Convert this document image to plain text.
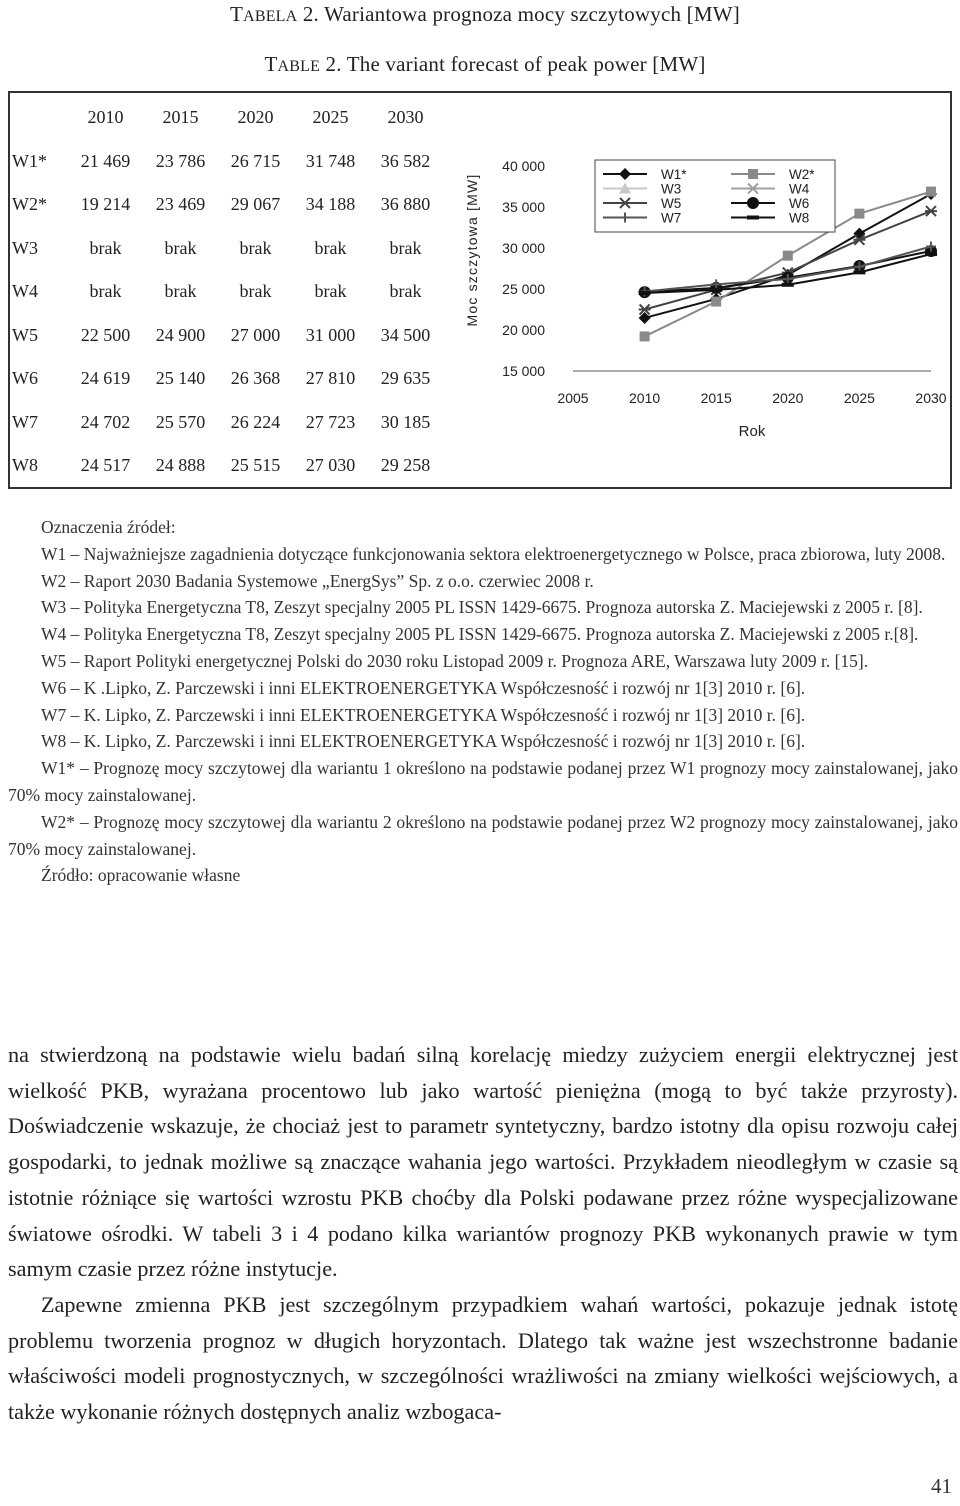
TABELA 2. Wariantowa prognoza mocy szczytowych [MW]
TABLE 2. The variant forecast of peak power [MW]
	2010	2015	2020	2025	2030
W1*	21 469	23 786	26 715	31 748	36 582
W2*	19 214	23 469	29 067	34 188	36 880
W3	brak	brak	brak	brak	brak
W4	brak	brak	brak	brak	brak
W5	22 500	24 900	27 000	31 000	34 500
W6	24 619	25 140	26 368	27 810	29 635
W7	24 702	25 570	26 224	27 723	30 185
W8	24 517	24 888	25 515	27 030	29 258
Moc szczytowa [MW]
15 000
20 000
25 000
30 000
35 000
40 000
2005	2010	2015	2020	2025	2030
Rok
W1*	W2*
W3	W4
W5	W6
W7	W8

Oznaczenia źródeł:

W1 – Najważniejsze zagadnienia dotyczące funkcjonowania sektora elektroenergetycznego w Polsce, praca zbiorowa, luty 2008.

W2 – Raport 2030 Badania Systemowe „EnergSys” Sp. z o.o. czerwiec 2008 r.

W3 – Polityka Energetyczna T8, Zeszyt specjalny 2005 PL ISSN 1429-6675. Prognoza autorska Z. Maciejewski z 2005 r. [8].

W4 – Polityka Energetyczna T8, Zeszyt specjalny 2005 PL ISSN 1429-6675. Prognoza autorska Z. Maciejewski z 2005 r.[8].

W5 – Raport Polityki energetycznej Polski do 2030 roku Listopad 2009 r. Prognoza ARE, Warszawa luty 2009 r. [15].

W6 – K .Lipko, Z. Parczewski i inni ELEKTROENERGETYKA Współczesność i rozwój nr 1[3] 2010 r. [6].

W7 – K. Lipko, Z. Parczewski i inni ELEKTROENERGETYKA Współczesność i rozwój nr 1[3] 2010 r. [6].

W8 – K. Lipko, Z. Parczewski i inni ELEKTROENERGETYKA Współczesność i rozwój nr 1[3] 2010 r. [6].

W1* – Prognozę mocy szczytowej dla wariantu 1 określono na podstawie podanej przez W1 prognozy mocy zainstalowanej, jako 70% mocy zainstalowanej.

W2* – Prognozę mocy szczytowej dla wariantu 2 określono na podstawie podanej przez W2 prognozy mocy zainstalowanej, jako 70% mocy zainstalowanej.

Źródło: opracowanie własne

na stwierdzoną na podstawie wielu badań silną korelację miedzy zużyciem energii elektrycznej jest wielkość PKB, wyrażana procentowo lub jako wartość pieniężna (mogą to być także przyrosty). Doświadczenie wskazuje, że chociaż jest to parametr syntetyczny, bardzo istotny dla opisu rozwoju całej gospodarki, to jednak możliwe są znaczące wahania jego wartości. Przykładem nieodległym w czasie są istotnie różniące się wartości wzrostu PKB choćby dla Polski podawane przez różne wyspecjalizowane światowe ośrodki. W tabeli 3 i 4 podano kilka wariantów prognozy PKB wykonanych prawie w tym samym czasie przez różne instytucje.

Zapewne zmienna PKB jest szczególnym przypadkiem wahań wartości, pokazuje jednak istotę problemu tworzenia prognoz w długich horyzontach. Dlatego tak ważne jest wszechstronne badanie właściwości modeli prognostycznych, w szczególności wrażliwości na zmiany wielkości wejściowych, a także wykonanie różnych dostępnych analiz wzbogaca-

41
